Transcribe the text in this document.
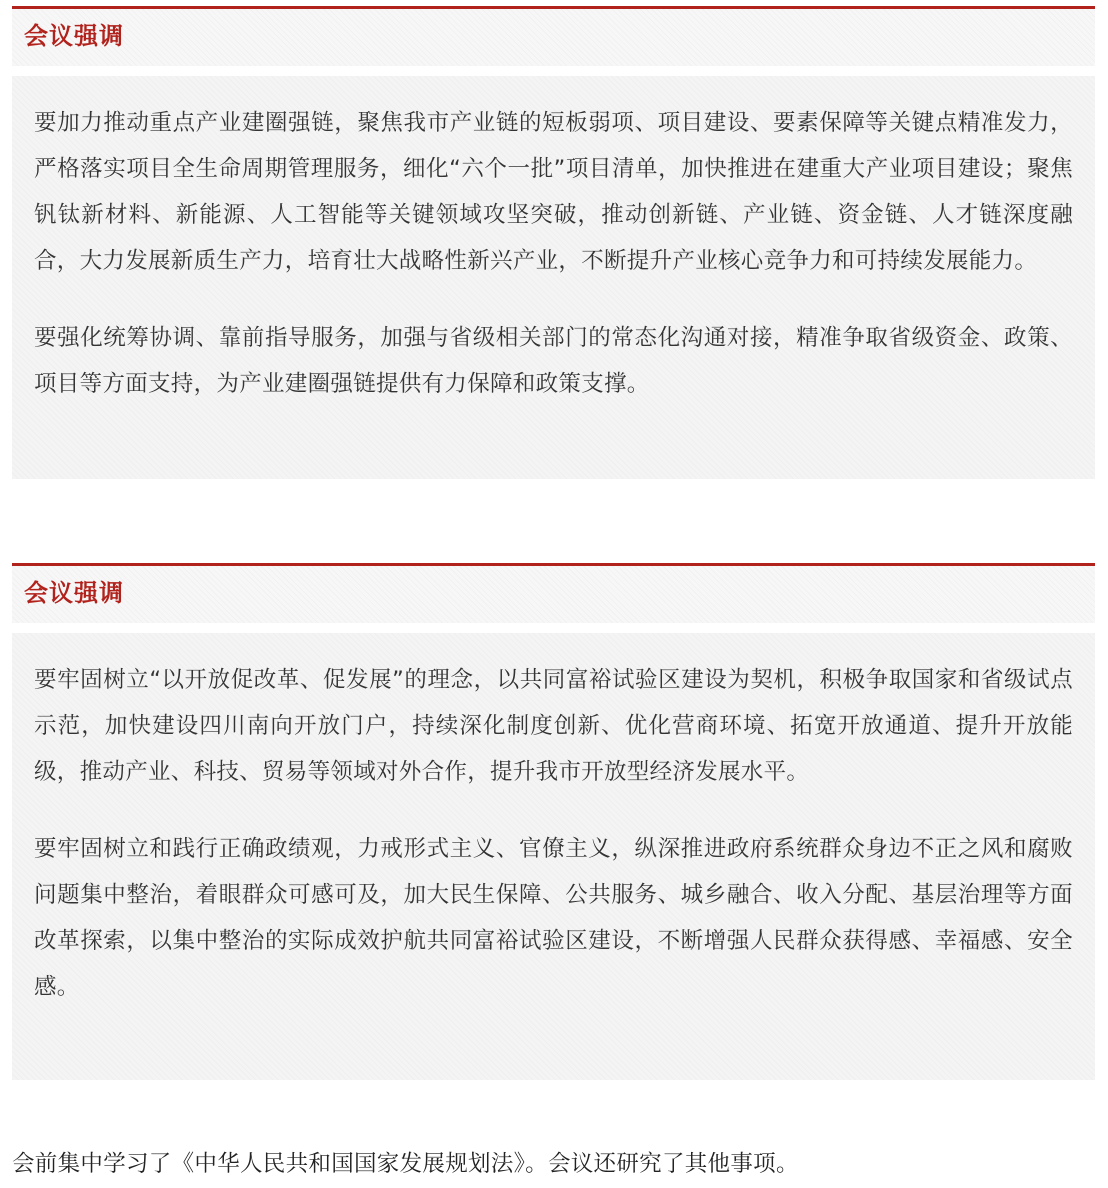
会议强调

要加力推动重点产业建圈强链，聚焦我市产业链的短板弱项、项目建设、要素保障等关键点精准发力，严格落实项目全生命周期管理服务，细化“六个一批”项目清单，加快推进在建重大产业项目建设；聚焦钒钛新材料、新能源、人工智能等关键领域攻坚突破，推动创新链、产业链、资金链、人才链深度融合，大力发展新质生产力，培育壮大战略性新兴产业，不断提升产业核心竞争力和可持续发展能力。

要强化统筹协调、靠前指导服务，加强与省级相关部门的常态化沟通对接，精准争取省级资金、政策、项目等方面支持，为产业建圈强链提供有力保障和政策支撑。

会议强调

要牢固树立“以开放促改革、促发展”的理念，以共同富裕试验区建设为契机，积极争取国家和省级试点示范，加快建设四川南向开放门户，持续深化制度创新、优化营商环境、拓宽开放通道、提升开放能级，推动产业、科技、贸易等领域对外合作，提升我市开放型经济发展水平。

要牢固树立和践行正确政绩观，力戒形式主义、官僚主义，纵深推进政府系统群众身边不正之风和腐败问题集中整治，着眼群众可感可及，加大民生保障、公共服务、城乡融合、收入分配、基层治理等方面改革探索，以集中整治的实际成效护航共同富裕试验区建设，不断增强人民群众获得感、幸福感、安全感。

会前集中学习了《中华人民共和国国家发展规划法》。会议还研究了其他事项。
